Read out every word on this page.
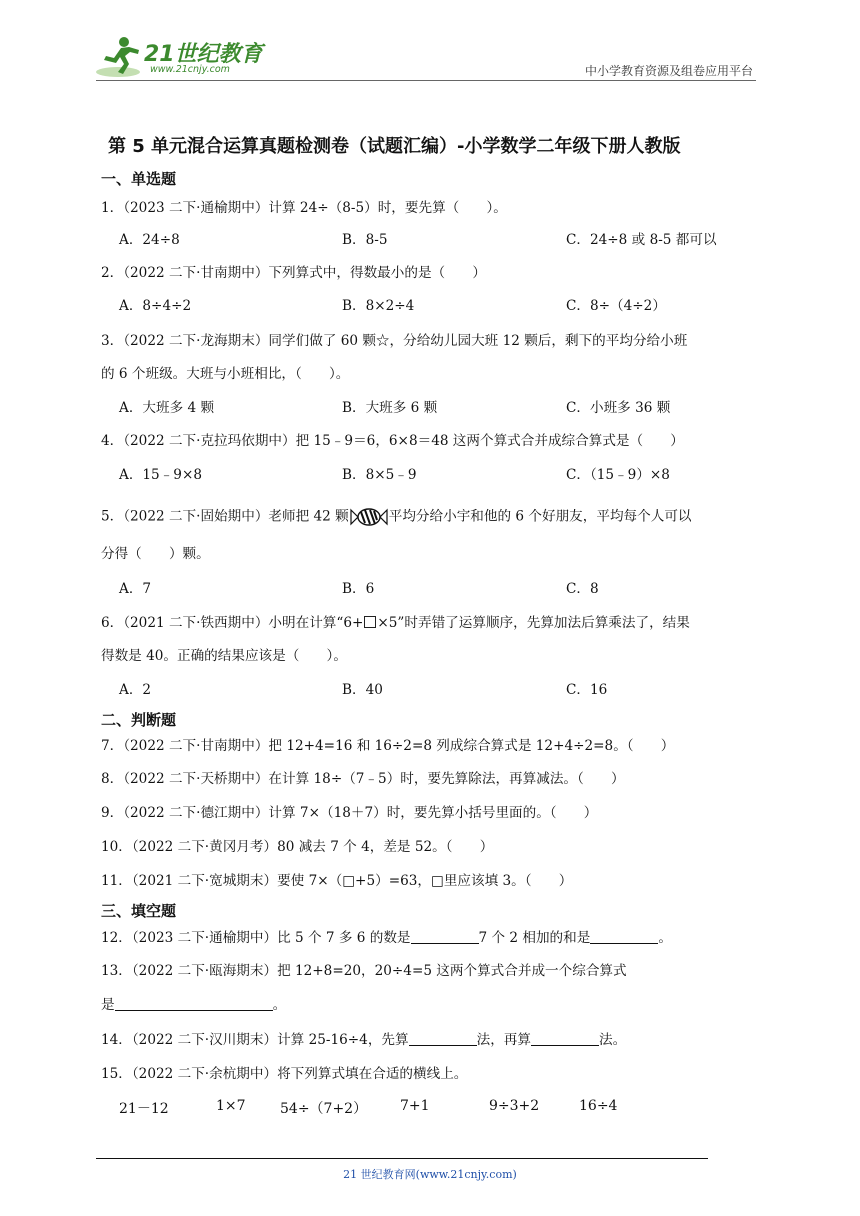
21世纪教育
www.21cnjy.com	中小学教育资源及组卷应用平台
第 5 单元混合运算真题检测卷（试题汇编）-小学数学二年级下册人教版
一、单选题
1．（2023 二下·通榆期中）计算 24÷（8-5）时，要先算（　　）。
A．24÷8	B．8-5	C．24÷8 或 8-5 都可以
2．（2022 二下·甘南期中）下列算式中，得数最小的是（　　）
A．8÷4÷2	B．8×2÷4	C．8÷（4÷2）
3．（2022 二下·龙海期末）同学们做了 60 颗☆，分给幼儿园大班 12 颗后，剩下的平均分给小班
的 6 个班级。大班与小班相比，（　　）。
A．大班多 4 颗	B．大班多 6 颗	C．小班多 36 颗
4．（2022 二下·克拉玛依期中）把 15﹣9＝6，6×8＝48 这两个算式合并成综合算式是（　　）
A．15﹣9×8	B．8×5﹣9	C．（15﹣9）×8
5．（2022 二下·固始期中）老师把 42 颗	平均分给小宇和他的 6 个好朋友，平均每个人可以
分得（　　）颗。
A．7	B．6	C．8
6．（2021 二下·铁西期中）小明在计算“6+ ×5”时弄错了运算顺序，先算加法后算乘法了，结果
得数是 40。正确的结果应该是（　　）。
A．2	B．40	C．16
二、判断题
7．（2022 二下·甘南期中）把 12+4=16 和 16÷2=8 列成综合算式是 12+4÷2=8。（　　）
8．（2022 二下·天桥期中）在计算 18÷（7﹣5）时，要先算除法，再算减法。（　　）
9．（2022 二下·德江期中）计算 7×（18＋7）时，要先算小括号里面的。（　　）
10．（2022 二下·黄冈月考）80 减去 7 个 4，差是 52。（　　）
11．（2021 二下·宽城期末）要使 7×（□+5）=63，□里应该填 3。（　　）
三、填空题
12．（2023 二下·通榆期中）比 5 个 7 多 6 的数是	7 个 2 相加的和是	。
13．（2022 二下·瓯海期末）把 12+8=20，20÷4=5 这两个算式合并成一个综合算式
是	。
14．（2022 二下·汉川期末）计算 25-16÷4，先算	法，再算	法。
15．（2022 二下·余杭期中）将下列算式填在合适的横线上。
21－12	1×7 54÷（7+2） 7+1	9÷3+2	16÷4
21 世纪教育网(www.21cnjy.com)
